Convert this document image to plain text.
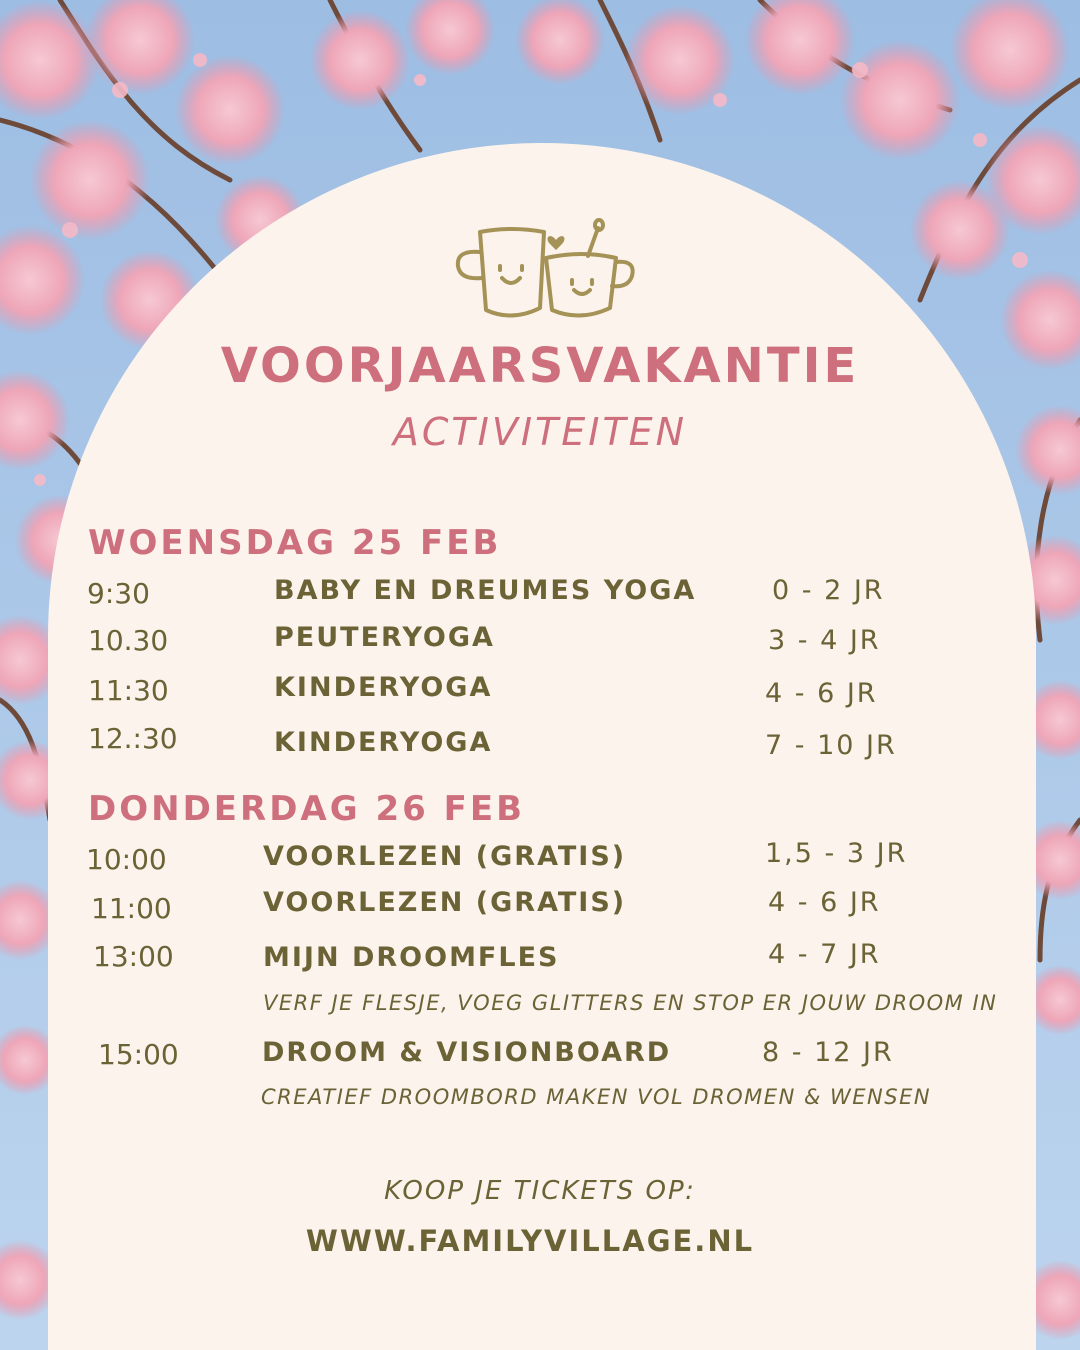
VOORJAARSVAKANTIE
ACTIVITEITEN
WOENSDAG 25 FEB
9:30	BABY EN DREUMES YOGA	0 - 2 JR
10.30	PEUTERYOGA	3 - 4 JR
11:30	KINDERYOGA	4 - 6 JR
12.:30	KINDERYOGA	7 - 10 JR
DONDERDAG 26 FEB
10:00	VOORLEZEN (GRATIS)	1,5 - 3 JR
11:00	VOORLEZEN (GRATIS)	4 - 6 JR
13:00	MIJN DROOMFLES	4 - 7 JR
VERF JE FLESJE, VOEG GLITTERS EN STOP ER JOUW DROOM IN
15:00	DROOM & VISIONBOARD	8 - 12 JR
CREATIEF DROOMBORD MAKEN VOL DROMEN & WENSEN
KOOP JE TICKETS OP:
WWW.FAMILYVILLAGE.NL
